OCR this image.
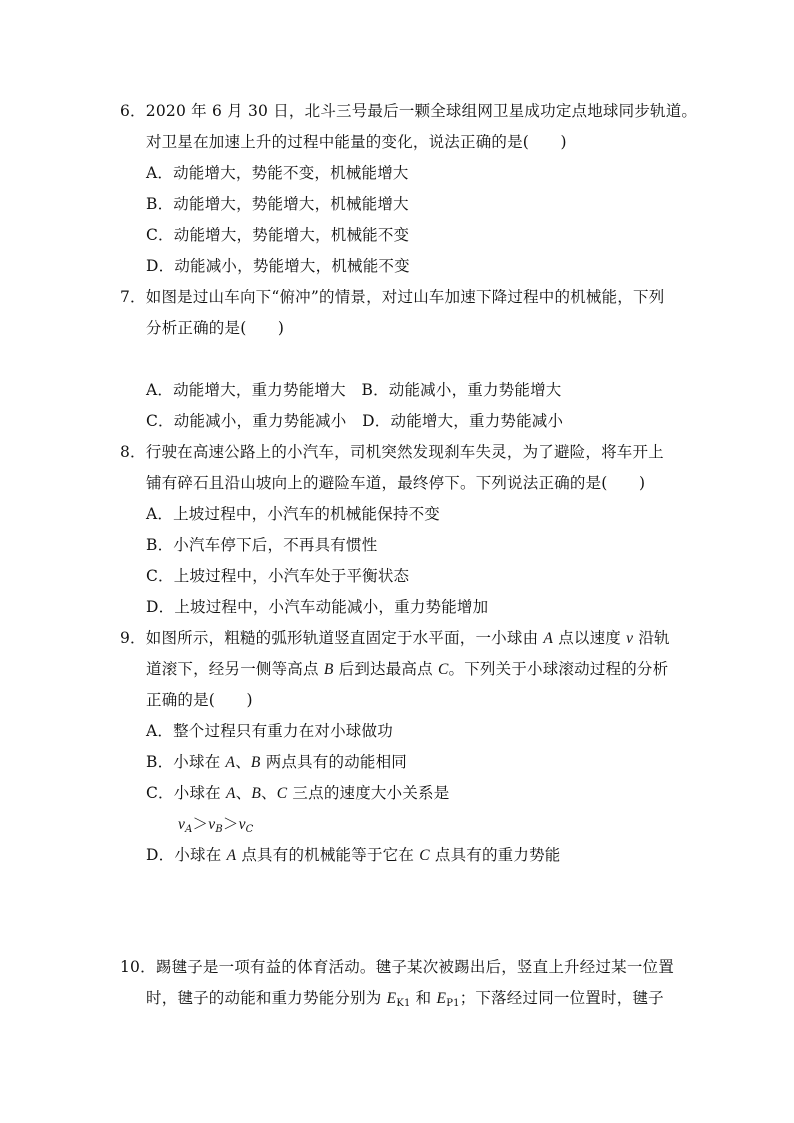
6．2020 年 6 月 30 日，北斗三号最后一颗全球组网卫星成功定点地球同步轨道。
对卫星在加速上升的过程中能量的变化，说法正确的是(　　)
A．动能增大，势能不变，机械能增大
B．动能增大，势能增大，机械能增大
C．动能增大，势能增大，机械能不变
D．动能减小，势能增大，机械能不变
7．如图是过山车向下“俯冲”的情景，对过山车加速下降过程中的机械能，下列
分析正确的是(　　)
A．动能增大，重力势能增大　B．动能减小，重力势能增大
C．动能减小，重力势能减小　D．动能增大，重力势能减小
8．行驶在高速公路上的小汽车，司机突然发现刹车失灵，为了避险，将车开上
铺有碎石且沿山坡向上的避险车道，最终停下。下列说法正确的是(　　)
A．上坡过程中，小汽车的机械能保持不变
B．小汽车停下后，不再具有惯性
C．上坡过程中，小汽车处于平衡状态
D．上坡过程中，小汽车动能减小，重力势能增加
9．如图所示，粗糙的弧形轨道竖直固定于水平面，一小球由 A 点以速度 v 沿轨
道滚下，经另一侧等高点 B 后到达最高点 C。下列关于小球滚动过程的分析
正确的是(　　)
A．整个过程只有重力在对小球做功
B．小球在 A、B 两点具有的动能相同
C．小球在 A、B、C 三点的速度大小关系是
$v_A>v_B>v_C$
D．小球在 A 点具有的机械能等于它在 C 点具有的重力势能
10．踢毽子是一项有益的体育活动。毽子某次被踢出后，竖直上升经过某一位置
时，毽子的动能和重力势能分别为 $E_{K1}$ 和 $E_{P1}$；下落经过同一位置时，毽子
